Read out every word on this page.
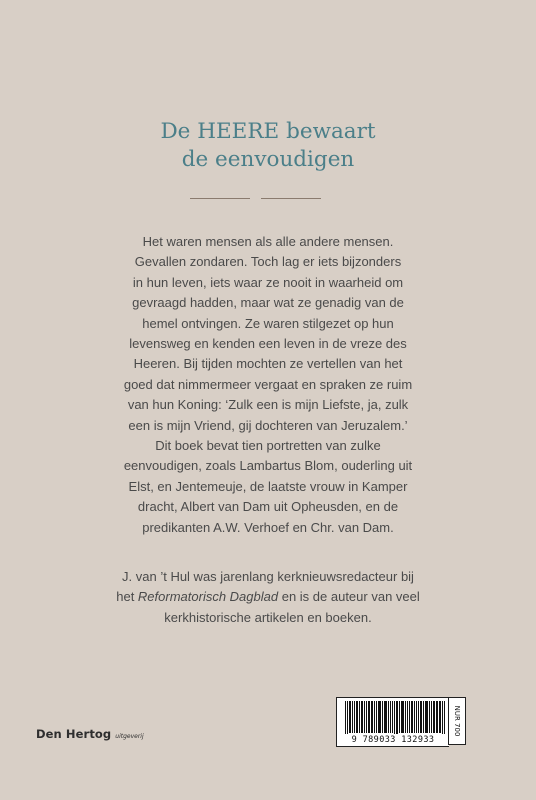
De HEERE bewaart
de eenvoudigen
Het waren mensen als alle andere mensen.
Gevallen zondaren. Toch lag er iets bijzonders
in hun leven, iets waar ze nooit in waarheid om
gevraagd hadden, maar wat ze genadig van de
hemel ontvingen. Ze waren stilgezet op hun
levensweg en kenden een leven in de vreze des
Heeren. Bij tijden mochten ze vertellen van het
goed dat nimmermeer vergaat en spraken ze ruim
van hun Koning: ‘Zulk een is mijn Liefste, ja, zulk
een is mijn Vriend, gij dochteren van Jeruzalem.’
Dit boek bevat tien portretten van zulke
eenvoudigen, zoals Lambartus Blom, ouderling uit
Elst, en Jentemeuje, de laatste vrouw in Kamper
dracht, Albert van Dam uit Opheusden, en de
predikanten A.W. Verhoef en Chr. van Dam.
J. van ’t Hul was jarenlang kerknieuwsredacteur bij
het Reformatorisch Dagblad en is de auteur van veel
kerkhistorische artikelen en boeken.
Den Hertog uitgeverij	9 789033 132933
NUR 700
